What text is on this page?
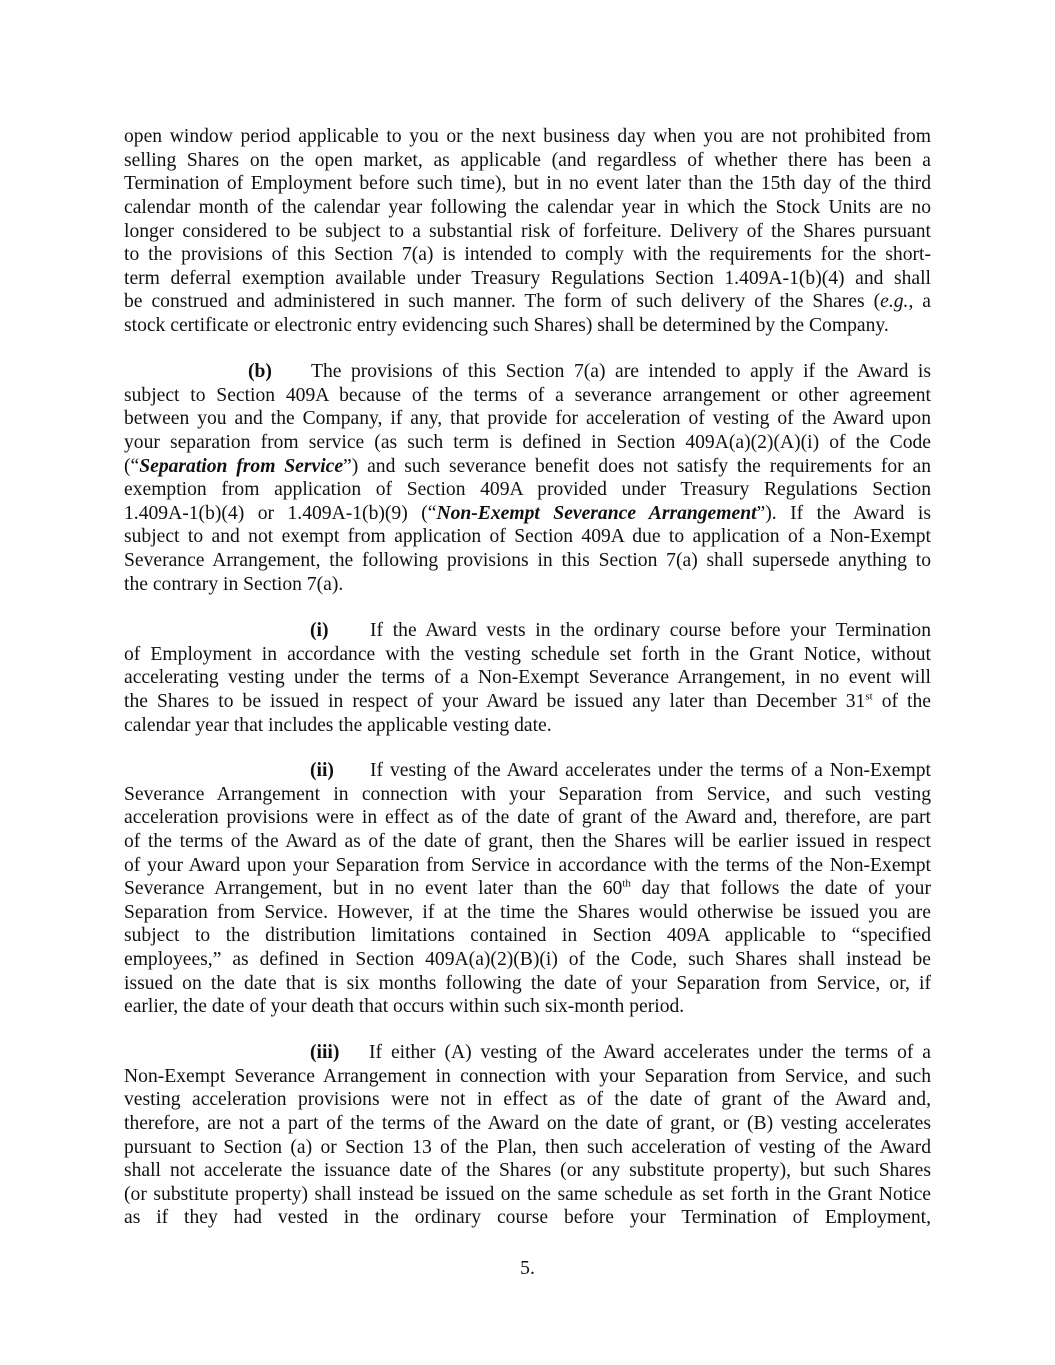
open window period applicable to you or the next business day when you are not prohibited from
selling Shares on the open market, as applicable (and regardless of whether there has been a
Termination of Employment before such time), but in no event later than the 15th day of the third
calendar month of the calendar year following the calendar year in which the Stock Units are no
longer considered to be subject to a substantial risk of forfeiture. Delivery of the Shares pursuant
to the provisions of this Section 7(a) is intended to comply with the requirements for the short-
term deferral exemption available under Treasury Regulations Section 1.409A-1(b)(4) and shall
be construed and administered in such manner. The form of such delivery of the Shares (e.g., a
stock certificate or electronic entry evidencing such Shares) shall be determined by the Company.
(b) The provisions of this Section 7(a) are intended to apply if the Award is
subject to Section 409A because of the terms of a severance arrangement or other agreement
between you and the Company, if any, that provide for acceleration of vesting of the Award upon
your separation from service (as such term is defined in Section 409A(a)(2)(A)(i) of the Code
(“Separation from Service”) and such severance benefit does not satisfy the requirements for an
exemption from application of Section 409A provided under Treasury Regulations Section
1.409A-1(b)(4) or 1.409A-1(b)(9) (“Non-Exempt Severance Arrangement”). If the Award is
subject to and not exempt from application of Section 409A due to application of a Non-Exempt
Severance Arrangement, the following provisions in this Section 7(a) shall supersede anything to
the contrary in Section 7(a).
(i) If the Award vests in the ordinary course before your Termination
of Employment in accordance with the vesting schedule set forth in the Grant Notice, without
accelerating vesting under the terms of a Non-Exempt Severance Arrangement, in no event will
the Shares to be issued in respect of your Award be issued any later than December 31st of the
calendar year that includes the applicable vesting date.
(ii) If vesting of the Award accelerates under the terms of a Non-Exempt
Severance Arrangement in connection with your Separation from Service, and such vesting
acceleration provisions were in effect as of the date of grant of the Award and, therefore, are part
of the terms of the Award as of the date of grant, then the Shares will be earlier issued in respect
of your Award upon your Separation from Service in accordance with the terms of the Non-Exempt
Severance Arrangement, but in no event later than the 60th day that follows the date of your
Separation from Service. However, if at the time the Shares would otherwise be issued you are
subject to the distribution limitations contained in Section 409A applicable to “specified
employees,” as defined in Section 409A(a)(2)(B)(i) of the Code, such Shares shall instead be
issued on the date that is six months following the date of your Separation from Service, or, if
earlier, the date of your death that occurs within such six-month period.
(iii) If either (A) vesting of the Award accelerates under the terms of a
Non-Exempt Severance Arrangement in connection with your Separation from Service, and such
vesting acceleration provisions were not in effect as of the date of grant of the Award and,
therefore, are not a part of the terms of the Award on the date of grant, or (B) vesting accelerates
pursuant to Section (a) or Section 13 of the Plan, then such acceleration of vesting of the Award
shall not accelerate the issuance date of the Shares (or any substitute property), but such Shares
(or substitute property) shall instead be issued on the same schedule as set forth in the Grant Notice
as if they had vested in the ordinary course before your Termination of Employment,
5.
